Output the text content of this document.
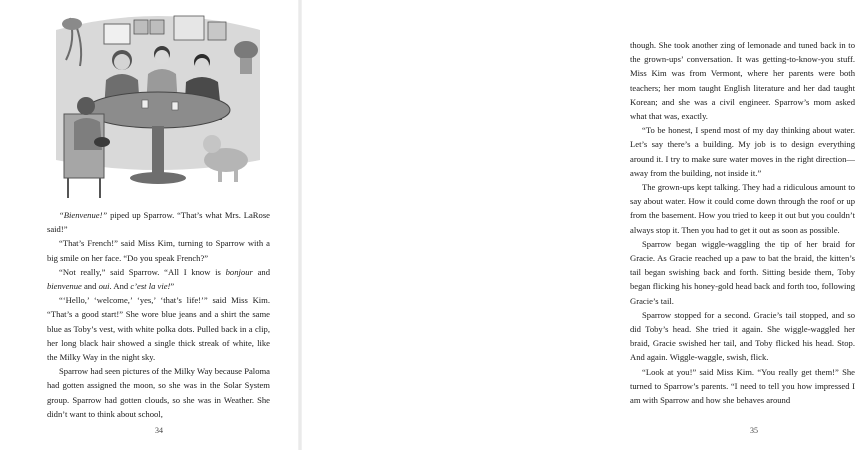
“Bienvenue!” piped up Sparrow. “That’s what Mrs. LaRose said!”

“That’s French!” said Miss Kim, turning to Sparrow with a big smile on her face. “Do you speak French?”

“Not really,” said Sparrow. “All I know is bonjour and bienvenue and oui. And c’est la vie!”

“‘Hello,’ ‘welcome,’ ‘yes,’ ‘that’s life!’” said Miss Kim. “That’s a good start!” She wore blue jeans and a shirt the same blue as Toby’s vest, with white polka dots. Pulled back in a clip, her long black hair showed a single thick streak of white, like the Milky Way in the night sky.

Sparrow had seen pictures of the Milky Way because Paloma had gotten assigned the moon, so she was in the Solar System group. Sparrow had gotten clouds, so she was in Weather. She didn’t want to think about school,

34

though. She took another zing of lemonade and tuned back in to the grown-ups’ conversation. It was getting-to-know-you stuff. Miss Kim was from Vermont, where her parents were both teachers; her mom taught English literature and her dad taught Korean; and she was a civil engineer. Sparrow’s mom asked what that was, exactly.

“To be honest, I spend most of my day thinking about water. Let’s say there’s a building. My job is to design everything around it. I try to make sure water moves in the right direction—away from the building, not inside it.”

The grown-ups kept talking. They had a ridiculous amount to say about water. How it could come down through the roof or up from the basement. How you tried to keep it out but you couldn’t always stop it. Then you had to get it out as soon as possible.

Sparrow began wiggle-waggling the tip of her braid for Gracie. As Gracie reached up a paw to bat the braid, the kitten’s tail began swishing back and forth. Sitting beside them, Toby began flicking his honey-gold head back and forth too, following Gracie’s tail.

Sparrow stopped for a second. Gracie’s tail stopped, and so did Toby’s head. She tried it again. She wiggle-waggled her braid, Gracie swished her tail, and Toby flicked his head. Stop. And again. Wiggle-waggle, swish, flick.

“Look at you!” said Miss Kim. “You really get them!” She turned to Sparrow’s parents. “I need to tell you how impressed I am with Sparrow and how she behaves around

35
